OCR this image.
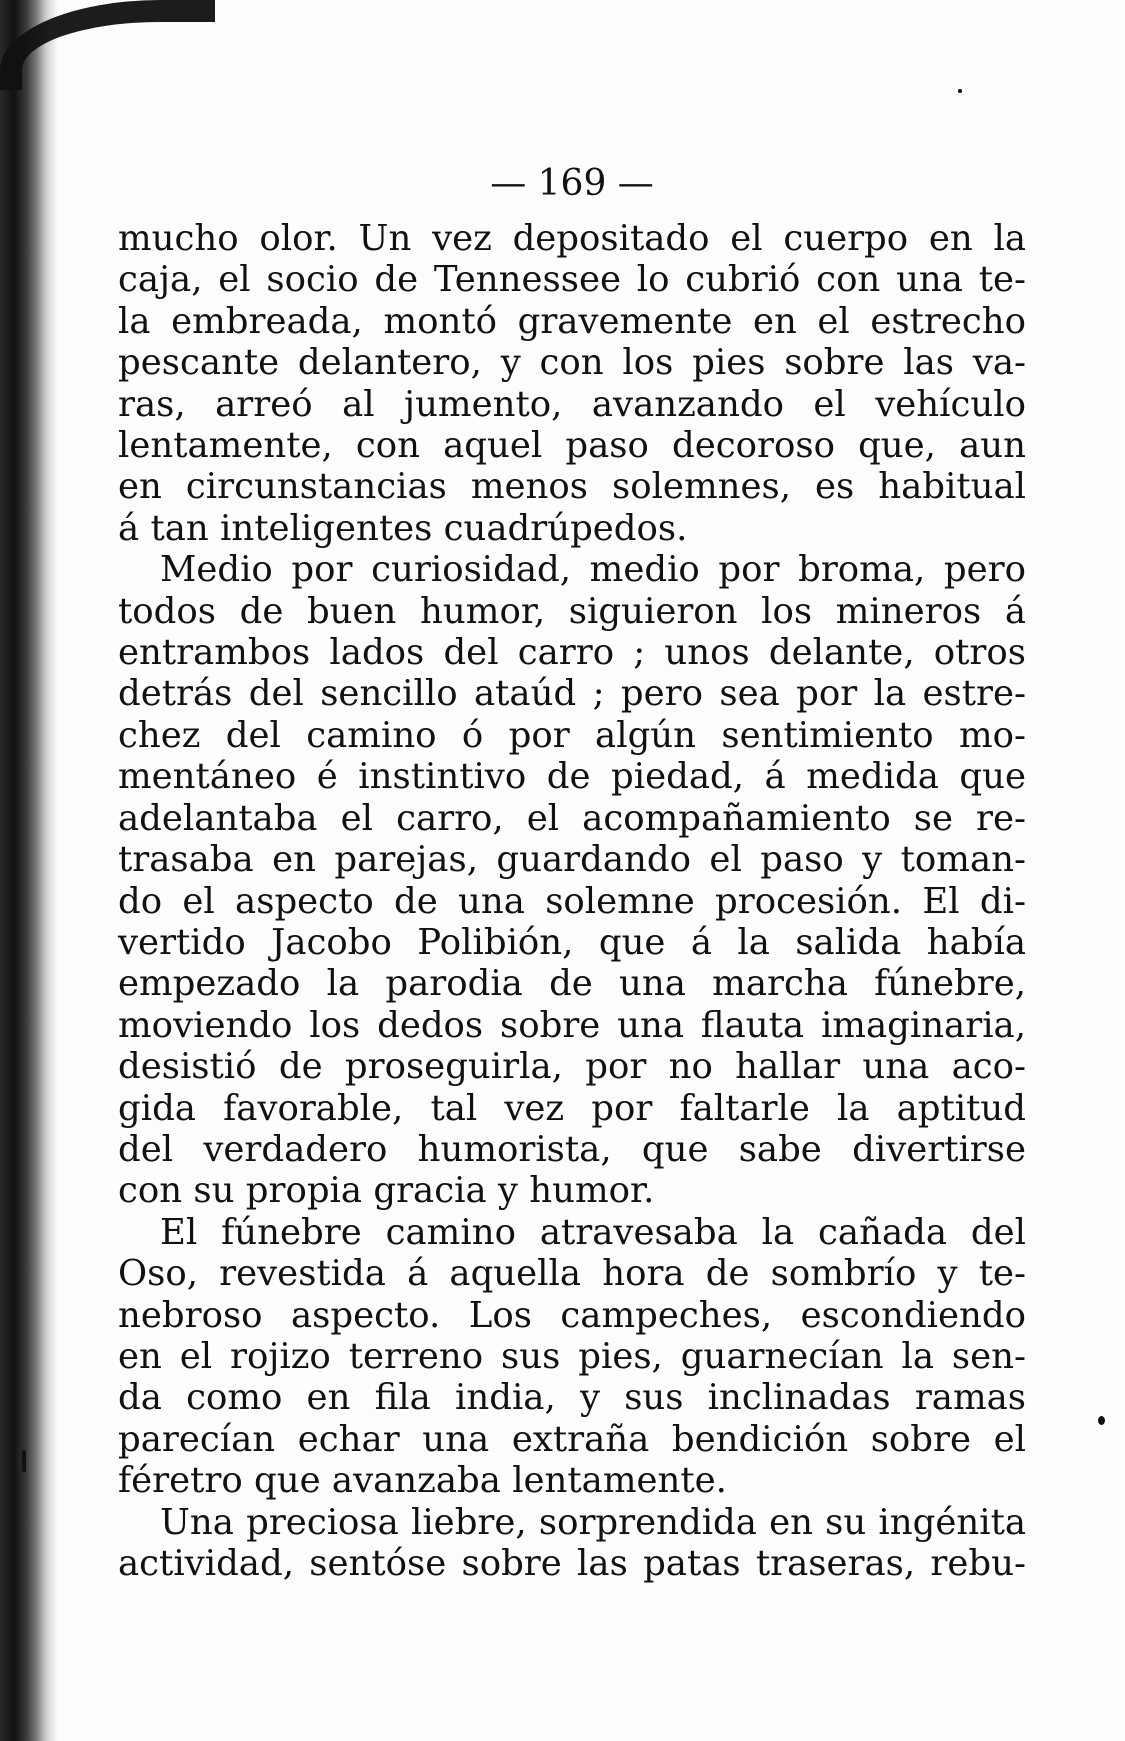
— 169 —
mucho olor. Un vez depositado el cuerpo en la
caja, el socio de Tennessee lo cubrió con una te-
la embreada, montó gravemente en el estrecho
pescante delantero, y con los pies sobre las va-
ras, arreó al jumento, avanzando el vehículo
lentamente, con aquel paso decoroso que, aun
en circunstancias menos solemnes, es habitual
á tan inteligentes cuadrúpedos.
Medio por curiosidad, medio por broma, pero
todos de buen humor, siguieron los mineros á
entrambos lados del carro ; unos delante, otros
detrás del sencillo ataúd ; pero sea por la estre-
chez del camino ó por algún sentimiento mo-
mentáneo é instintivo de piedad, á medida que
adelantaba el carro, el acompañamiento se re-
trasaba en parejas, guardando el paso y toman-
do el aspecto de una solemne procesión. El di-
vertido Jacobo Polibión, que á la salida había
empezado la parodia de una marcha fúnebre,
moviendo los dedos sobre una flauta imaginaria,
desistió de proseguirla, por no hallar una aco-
gida favorable, tal vez por faltarle la aptitud
del verdadero humorista, que sabe divertirse
con su propia gracia y humor.
El fúnebre camino atravesaba la cañada del
Oso, revestida á aquella hora de sombrío y te-
nebroso aspecto. Los campeches, escondiendo
en el rojizo terreno sus pies, guarnecían la sen-
da como en fila india, y sus inclinadas ramas
parecían echar una extraña bendición sobre el
féretro que avanzaba lentamente.
Una preciosa liebre, sorprendida en su ingénita
actividad, sentóse sobre las patas traseras, rebu-
